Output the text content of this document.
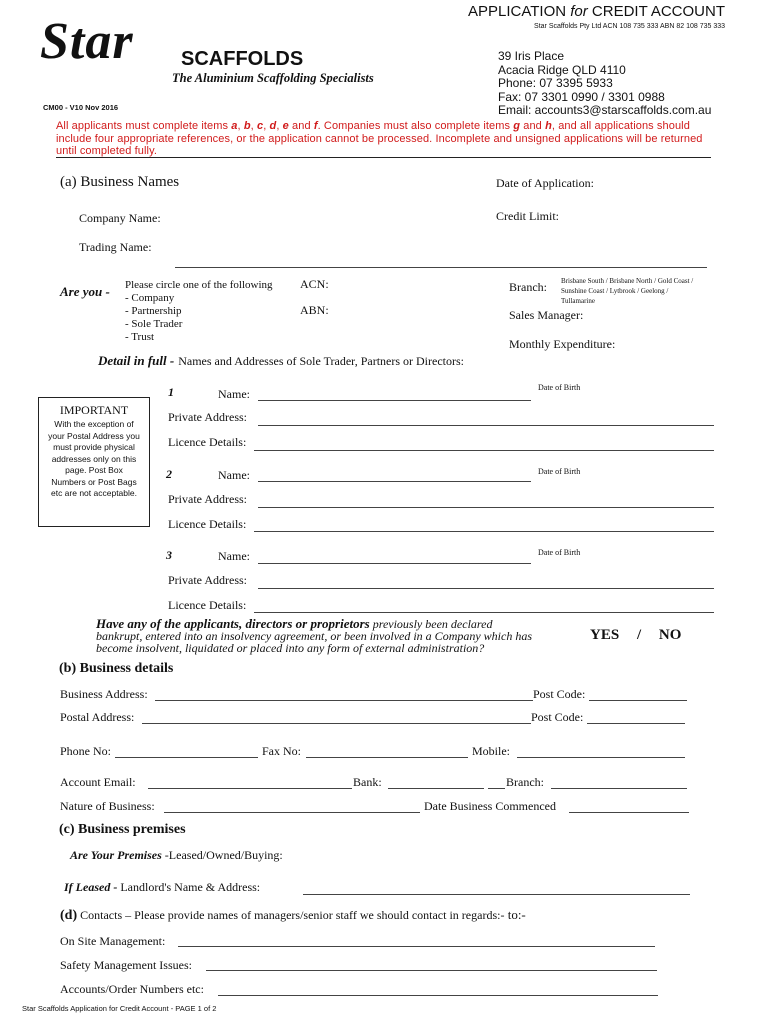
APPLICATION for CREDIT ACCOUNT
Star Scaffolds Pty Ltd ACN 108 735 333 ABN 82 108 735 333
Star SCAFFOLDS
The Aluminium Scaffolding Specialists
CM00 - V10 Nov 2016
39 Iris Place
Acacia Ridge QLD 4110
Phone: 07 3395 5933
Fax: 07 3301 0990 / 3301 0988
Email: accounts3@starscaffolds.com.au
All applicants must complete items a, b, c, d, e and f. Companies must also complete items g and h, and all applications should include four appropriate references, or the application cannot be processed. Incomplete and unsigned applications will be returned until completed fully.
(a) Business Names	Date of Application:
Company Name:	Credit Limit:
Trading Name:
Are you - Please circle one of the following
- Company
- Partnership
- Sole Trader
- Trust
ACN:
ABN:
Branch: Brisbane South / Brisbane North / Gold Coast /
Sunshine Coast / Lytbrook / Geelong /
Tullamarine
Sales Manager:
Monthly Expenditure:
Detail in full - Names and Addresses of Sole Trader, Partners or Directors:
IMPORTANT
With the exception of your Postal Address you must provide physical addresses only on this page. Post Box Numbers or Post Bags etc are not acceptable.
1	Name:	Date of Birth
Private Address:
Licence Details:
2	Name:	Date of Birth
Private Address:
Licence Details:
3	Name:	Date of Birth
Private Address:
Licence Details:
Have any of the applicants, directors or proprietors previously been declared
bankrupt, entered into an insolvency agreement, or been involved in a Company which has
become insolvent, liquidated or placed into any form of external administration?
YES / NO
(b) Business details
Business Address:	Post Code:
Postal Address:	Post Code:
Phone No:	Fax No:	Mobile:
Account Email:	Bank:	Branch:
Nature of Business:	Date Business Commenced
(c) Business premises
Are Your Premises -Leased/Owned/Buying:
If Leased - Landlord's Name & Address:
(d) Contacts – Please provide names of managers/senior staff we should contact in regards:- to:-
On Site Management:
Safety Management Issues:
Accounts/Order Numbers etc:
Star Scaffolds Application for Credit Account - PAGE 1 of 2
